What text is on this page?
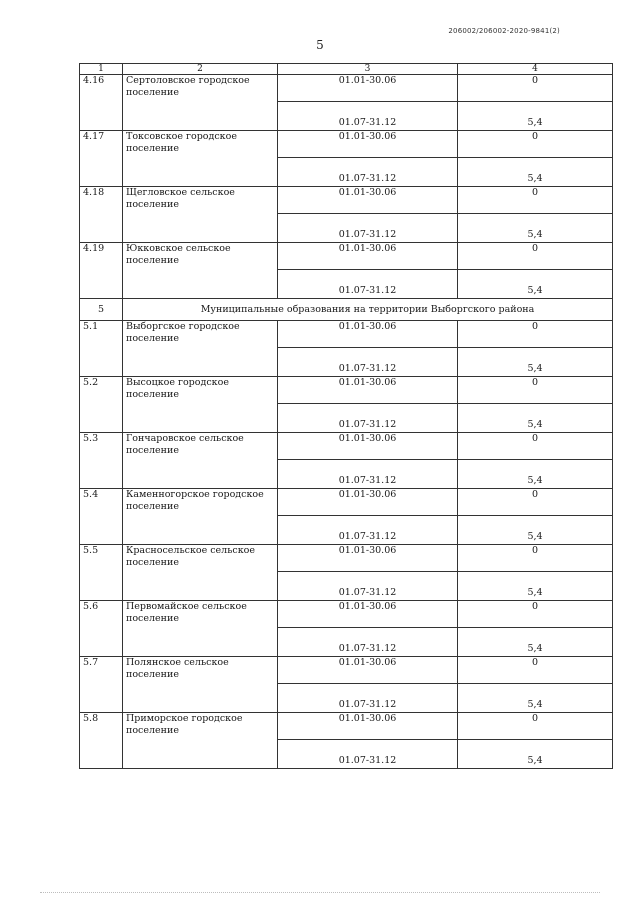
206002/206002-2020-9841(2)
5
1	2	3	4
4.16	Сертоловское городское поселение	01.01-30.06	0
		01.07-31.12	5,4
4.17	Токсовское городское поселение	01.01-30.06	0
		01.07-31.12	5,4
4.18	Щегловское сельское поселение	01.01-30.06	0
		01.07-31.12	5,4
4.19	Юкковское сельское поселение	01.01-30.06	0
		01.07-31.12	5,4
5	Муниципальные образования на территории Выборгского района		
5.1	Выборгское городское поселение	01.01-30.06	0
		01.07-31.12	5,4
5.2	Высоцкое городское поселение	01.01-30.06	0
		01.07-31.12	5,4
5.3	Гончаровское сельское поселение	01.01-30.06	0
		01.07-31.12	5,4
5.4	Каменногорское городское поселение	01.01-30.06	0
		01.07-31.12	5,4
5.5	Красносельское сельское поселение	01.01-30.06	0
		01.07-31.12	5,4
5.6	Первомайское сельское поселение	01.01-30.06	0
		01.07-31.12	5,4
5.7	Полянское сельское поселение	01.01-30.06	0
		01.07-31.12	5,4
5.8	Приморское городское поселение	01.01-30.06	0
		01.07-31.12	5,4
